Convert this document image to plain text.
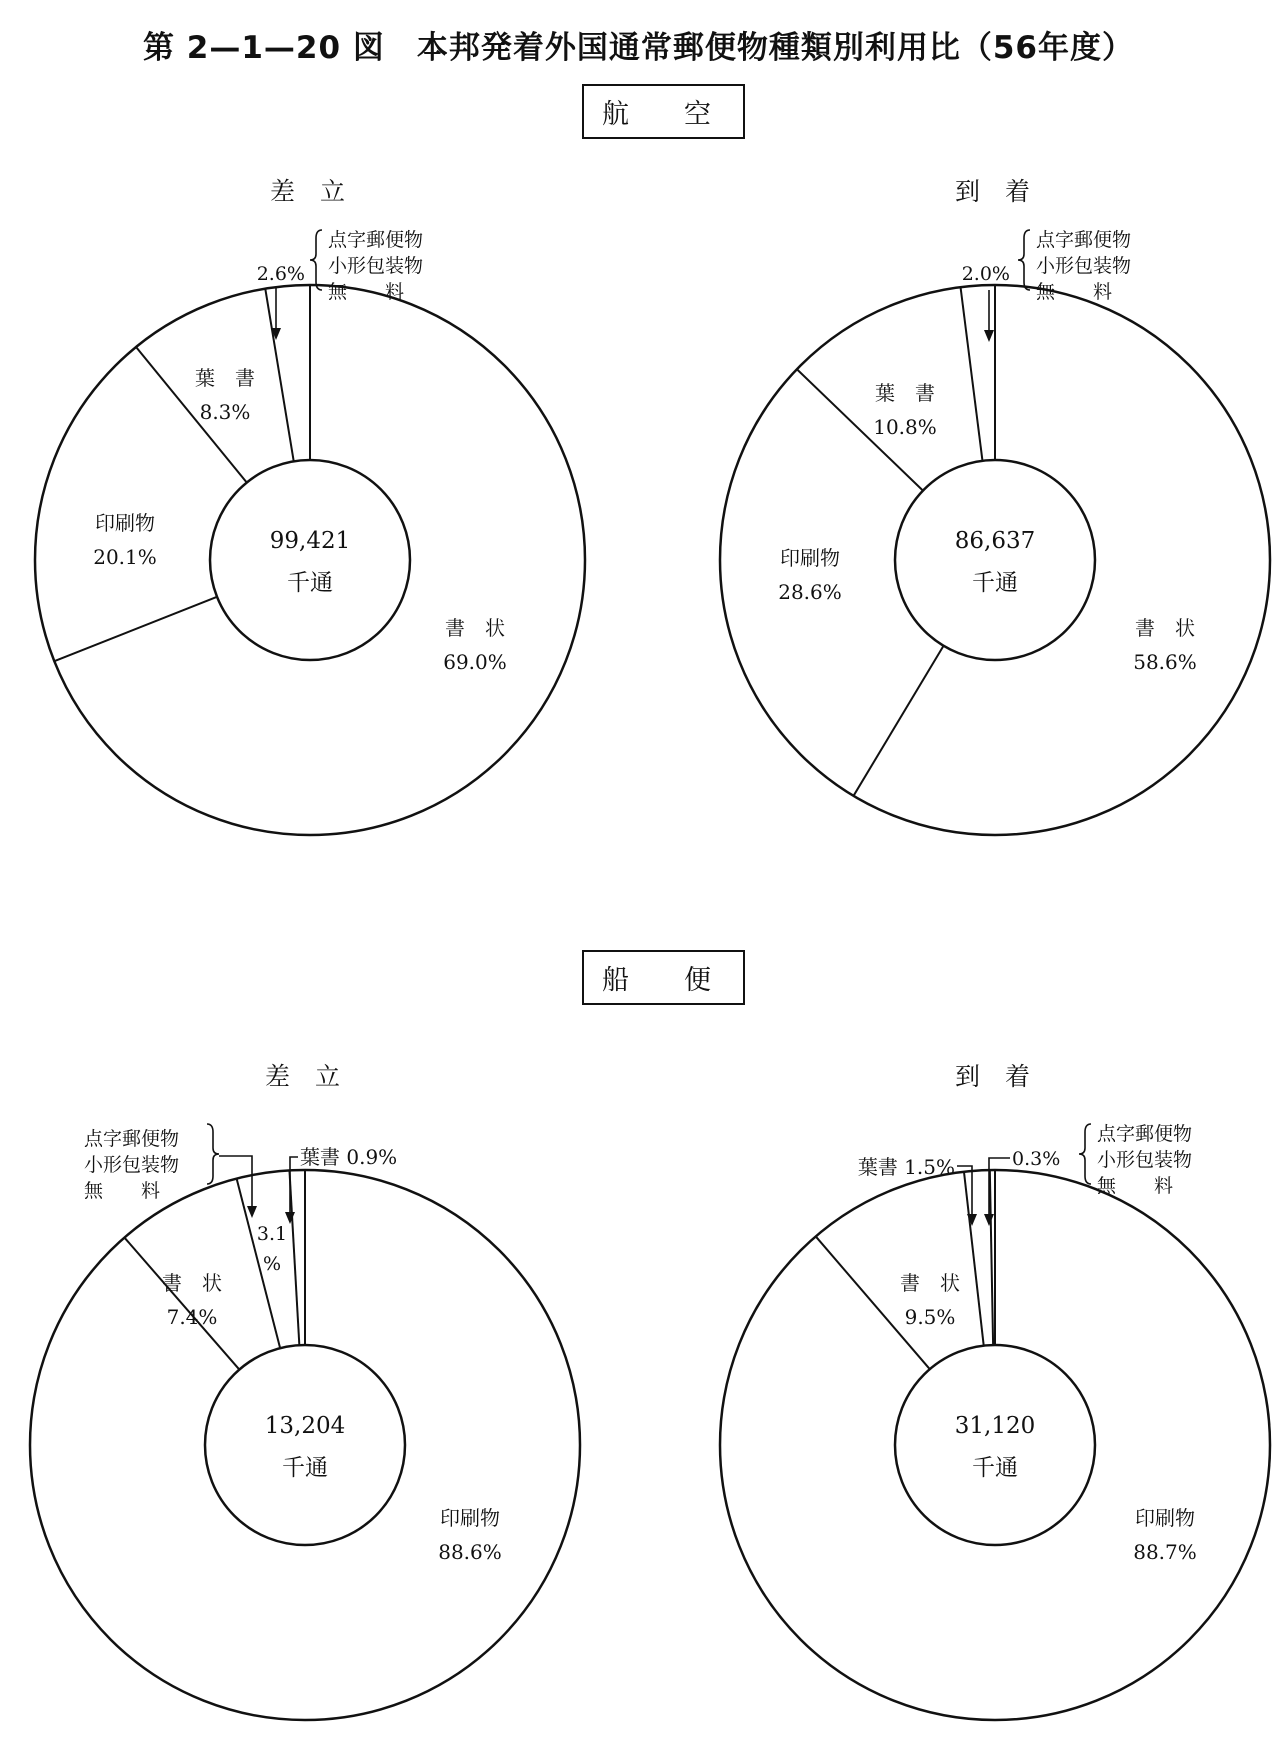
第 2—1—20 図　本邦発着外国通常郵便物種類別利用比（56年度）
航　空
船　便
99,421
千通
差　立
葉　書
8.3%
印刷物
20.1%
書　状
69.0%
2.6%
点字郵便物
小形包装物
無　　料
86,637
千通
到　着
葉　書
10.8%
印刷物
28.6%
書　状
58.6%
2.0%
点字郵便物
小形包装物
無　　料
13,204
千通
差　立
書　状
7.4%
印刷物
88.6%
点字郵便物
小形包装物
無　　料
3.1
%
葉書 0.9%
31,120
千通
到　着
書　状
9.5%
印刷物
88.7%
葉書 1.5%	0.3%
点字郵便物
小形包装物
無　　料
